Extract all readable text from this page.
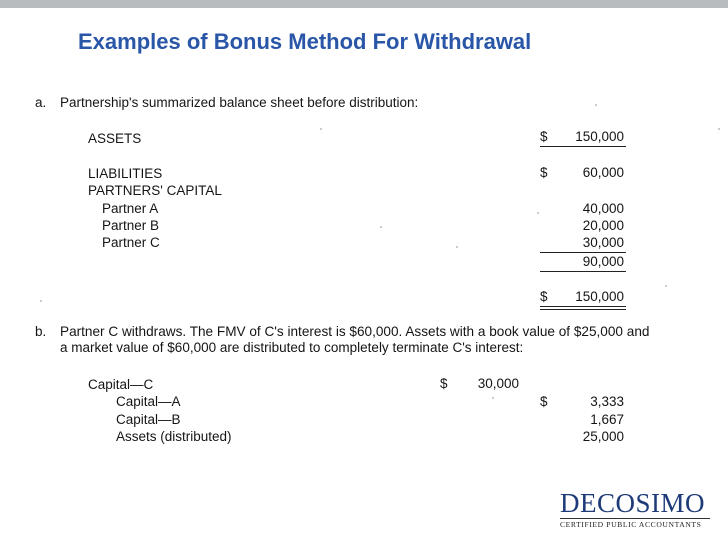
Examples of Bonus Method For Withdrawal
a. Partnership's summarized balance sheet before distribution:
ASSETS	$	150,000
LIABILITIES	$	60,000
PARTNERS' CAPITAL
Partner A	40,000
Partner B	20,000
Partner C	30,000
90,000
$	150,000
b. Partner C withdraws. The FMV of C's interest is $60,000. Assets with a book value of $25,000 and
a market value of $60,000 are distributed to completely terminate C's interest:
Capital—C	$	30,000
Capital—A	$	3,333
Capital—B	1,667
Assets (distributed)	25,000
DECOSIMO
CERTIFIED PUBLIC ACCOUNTANTS
